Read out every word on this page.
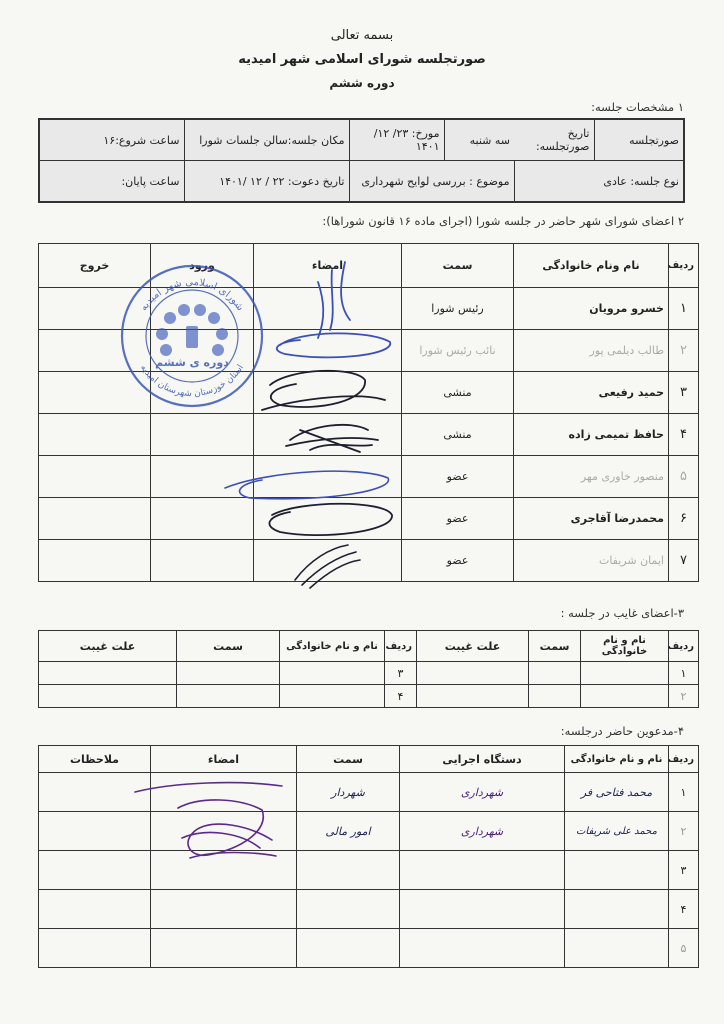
بسمه تعالی
صورتجلسه شورای اسلامی شهر امیدیه
دوره ششم
۱ مشخصات جلسه:
صورتجلسه	تاریخ صورتجلسه:	سه شنبه	مورخ: ۲۳/ ۱۲/ ۱۴۰۱	مکان جلسه:سالن جلسات شورا	ساعت شروع:۱۶
نوع جلسه: عادی		موضوع : بررسی لوایح شهرداری		تاریخ دعوت: ۲۲ / ۱۲ /۱۴۰۱	ساعت پایان:
۲ اعضای شورای شهر حاضر در جلسه شورا (اجرای ماده ۱۶ قانون شوراها):
ردیف	نام ونام خانوادگی	سمت	امضاء	ورود	خروج
۱	خسرو مرویان	رئیس شورا			
۲	طالب دیلمی پور	نائب رئیس شورا			
۳	حمید رفیعی	منشی			
۴	حافظ تمیمی زاده	منشی			
۵	منصور خاوری مهر	عضو			
۶	محمدرضا آقاجری	عضو			
۷	ایمان شریفات	عضو			
۳-اعضای غایب در جلسه :
ردیف	نام و نام خانوادگی	سمت	علت غیبت	ردیف	نام و نام خانوادگی	سمت	علت غیبت
۱				۳			
۲				۴			
۴-مدعوین حاضر درجلسه:
ردیف	نام و نام خانوادگی	دستگاه اجرایی	سمت	امضاء	ملاحظات
۱	محمد فتاحی فر	شهرداری	شهردار		
۲	محمد علی شریفات	شهرداری	امور مالی		
۳					
۴					
۵					
شورای اسلامی شهر امیدیه
استان خوزستان شهرستان امیدیه
دوره ی ششم
